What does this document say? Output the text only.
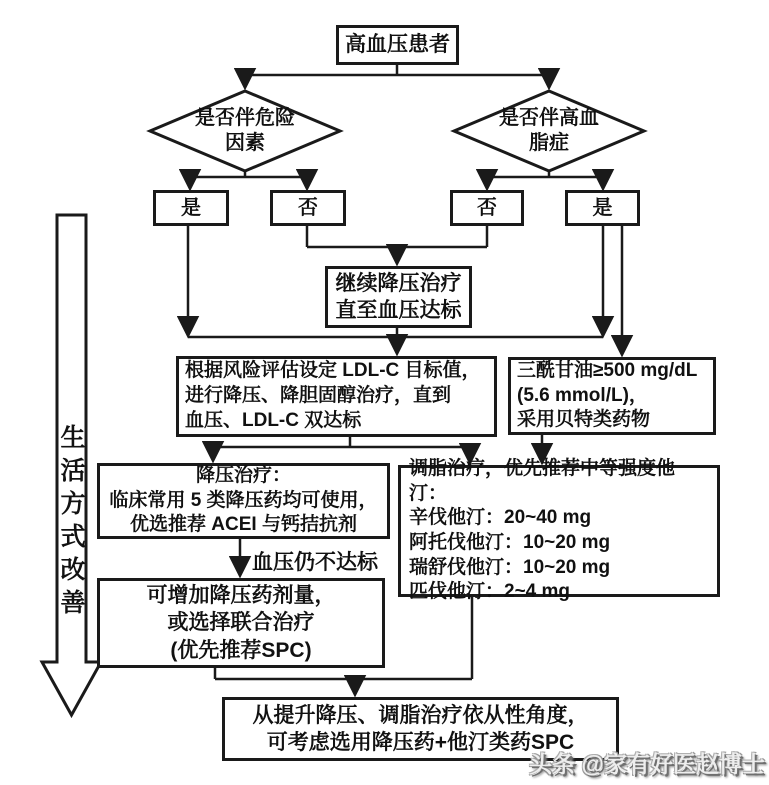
高血压患者
是否伴危险
因素
是否伴高血
脂症
是	否	否	是
继续降压治疗
直至血压达标
根据风险评估设定 LDL-C 目标值，
进行降压、降胆固醇治疗，直到
血压、LDL-C 双达标
三酰甘油≥500 mg/dL
(5.6 mmol/L)，
采用贝特类药物
降压治疗：
临床常用 5 类降压药均可使用，
优选推荐 ACEI 与钙拮抗剂
调脂治疗，优先推荐中等强度他汀：
辛伐他汀：20~40 mg
阿托伐他汀：10~20 mg
瑞舒伐他汀：10~20 mg
匹伐他汀：2~4 mg
血压仍不达标
可增加降压药剂量，
或选择联合治疗
(优先推荐SPC)
从提升降压、调脂治疗依从性角度，
可考虑选用降压药+他汀类药SPC
生活方式改善
头条 @家有好医赵博士
